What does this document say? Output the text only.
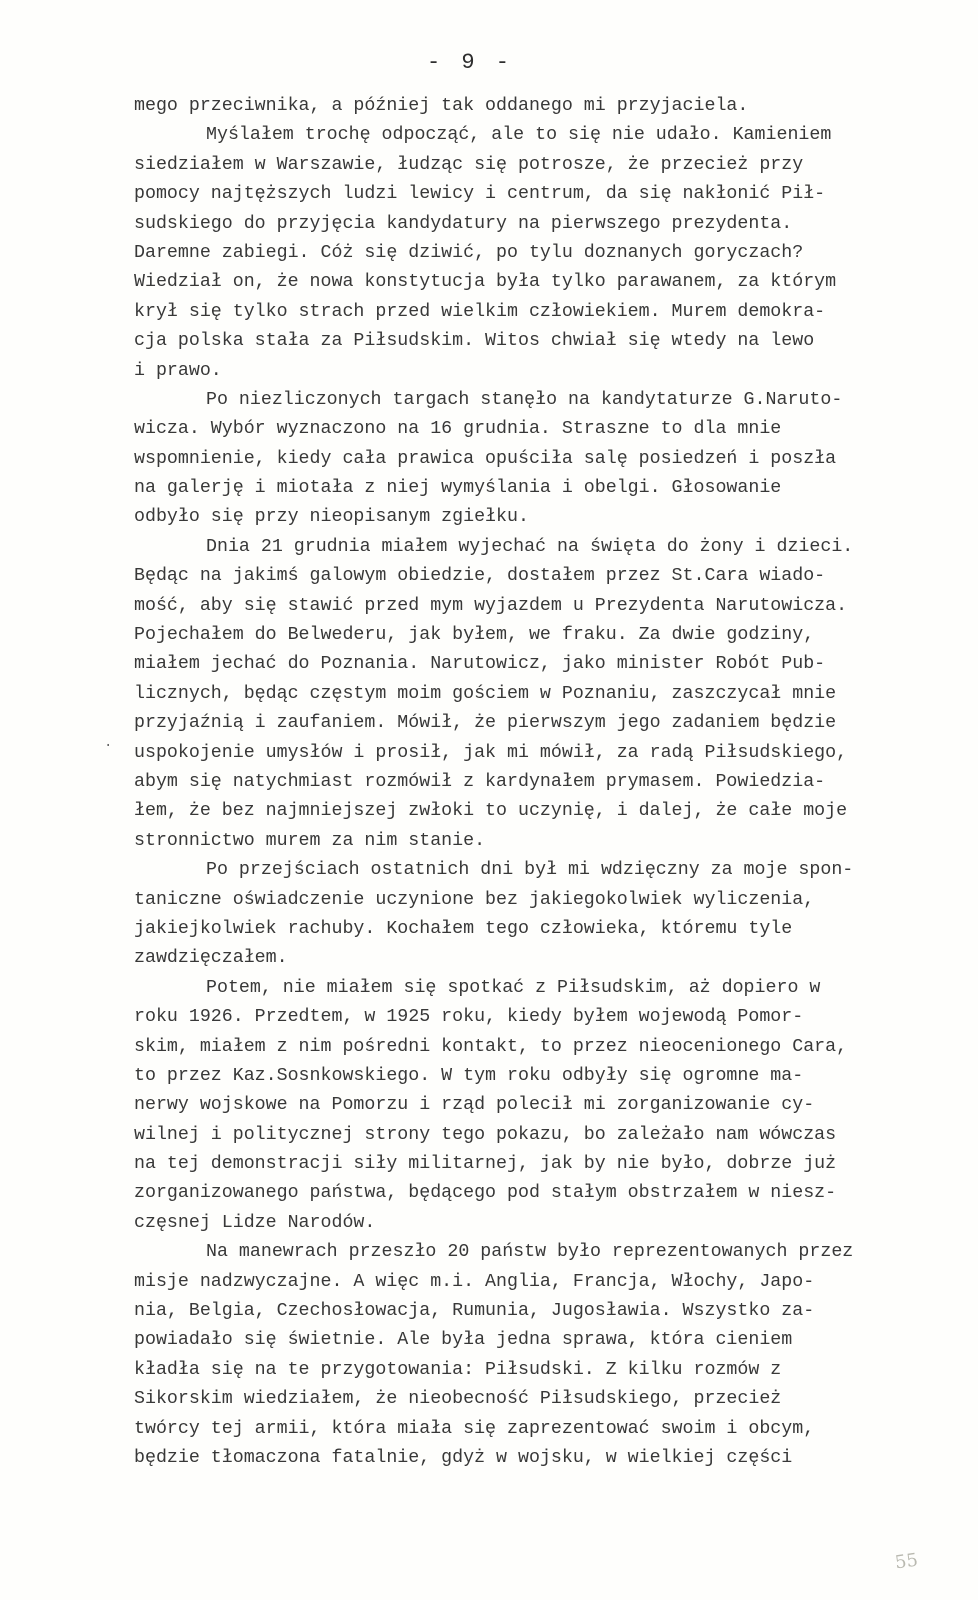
- 9 -
·
mego przeciwnika, a później tak oddanego mi przyjaciela.
Myślałem trochę odpocząć, ale to się nie udało. Kamieniem
siedziałem w Warszawie, łudząc się potrosze, że przecież przy
pomocy najtęższych ludzi lewicy i centrum, da się nakłonić Pił-
sudskiego do przyjęcia kandydatury na pierwszego prezydenta.
Daremne zabiegi. Cóż się dziwić, po tylu doznanych goryczach?
Wiedział on, że nowa konstytucja była tylko parawanem, za którym
krył się tylko strach przed wielkim człowiekiem. Murem demokra-
cja polska stała za Piłsudskim. Witos chwiał się wtedy na lewo
i prawo.
Po niezliczonych targach stanęło na kandytaturze G.Naruto-
wicza. Wybór wyznaczono na 16 grudnia. Straszne to dla mnie
wspomnienie, kiedy cała prawica opuściła salę posiedzeń i poszła
na galerję i miotała z niej wymyślania i obelgi. Głosowanie
odbyło się przy nieopisanym zgiełku.
Dnia 21 grudnia miałem wyjechać na święta do żony i dzieci.
Będąc na jakimś galowym obiedzie, dostałem przez St.Cara wiado-
mość, aby się stawić przed mym wyjazdem u Prezydenta Narutowicza.
Pojechałem do Belwederu, jak byłem, we fraku. Za dwie godziny,
miałem jechać do Poznania. Narutowicz, jako minister Robót Pub-
licznych, będąc częstym moim gościem w Poznaniu, zaszczycał mnie
przyjaźnią i zaufaniem. Mówił, że pierwszym jego zadaniem będzie
uspokojenie umysłów i prosił, jak mi mówił, za radą Piłsudskiego,
abym się natychmiast rozmówił z kardynałem prymasem. Powiedzia-
łem, że bez najmniejszej zwłoki to uczynię, i dalej, że całe moje
stronnictwo murem za nim stanie.
Po przejściach ostatnich dni był mi wdzięczny za moje spon-
taniczne oświadczenie uczynione bez jakiegokolwiek wyliczenia,
jakiejkolwiek rachuby. Kochałem tego człowieka, któremu tyle
zawdzięczałem.
Potem, nie miałem się spotkać z Piłsudskim, aż dopiero w
roku 1926. Przedtem, w 1925 roku, kiedy byłem wojewodą Pomor-
skim, miałem z nim pośredni kontakt, to przez nieocenionego Cara,
to przez Kaz.Sosnkowskiego. W tym roku odbyły się ogromne ma-
nerwy wojskowe na Pomorzu i rząd polecił mi zorganizowanie cy-
wilnej i politycznej strony tego pokazu, bo zależało nam wówczas
na tej demonstracji siły militarnej, jak by nie było, dobrze już
zorganizowanego państwa, będącego pod stałym obstrzałem w niesz-
częsnej Lidze Narodów.
Na manewrach przeszło 20 państw było reprezentowanych przez
misje nadzwyczajne. A więc m.i. Anglia, Francja, Włochy, Japo-
nia, Belgia, Czechosłowacja, Rumunia, Jugosławia. Wszystko za-
powiadało się świetnie. Ale była jedna sprawa, która cieniem
kładła się na te przygotowania: Piłsudski. Z kilku rozmów z
Sikorskim wiedziałem, że nieobecność Piłsudskiego, przecież
twórcy tej armii, która miała się zaprezentować swoim i obcym,
będzie tłomaczona fatalnie, gdyż w wojsku, w wielkiej części
55
